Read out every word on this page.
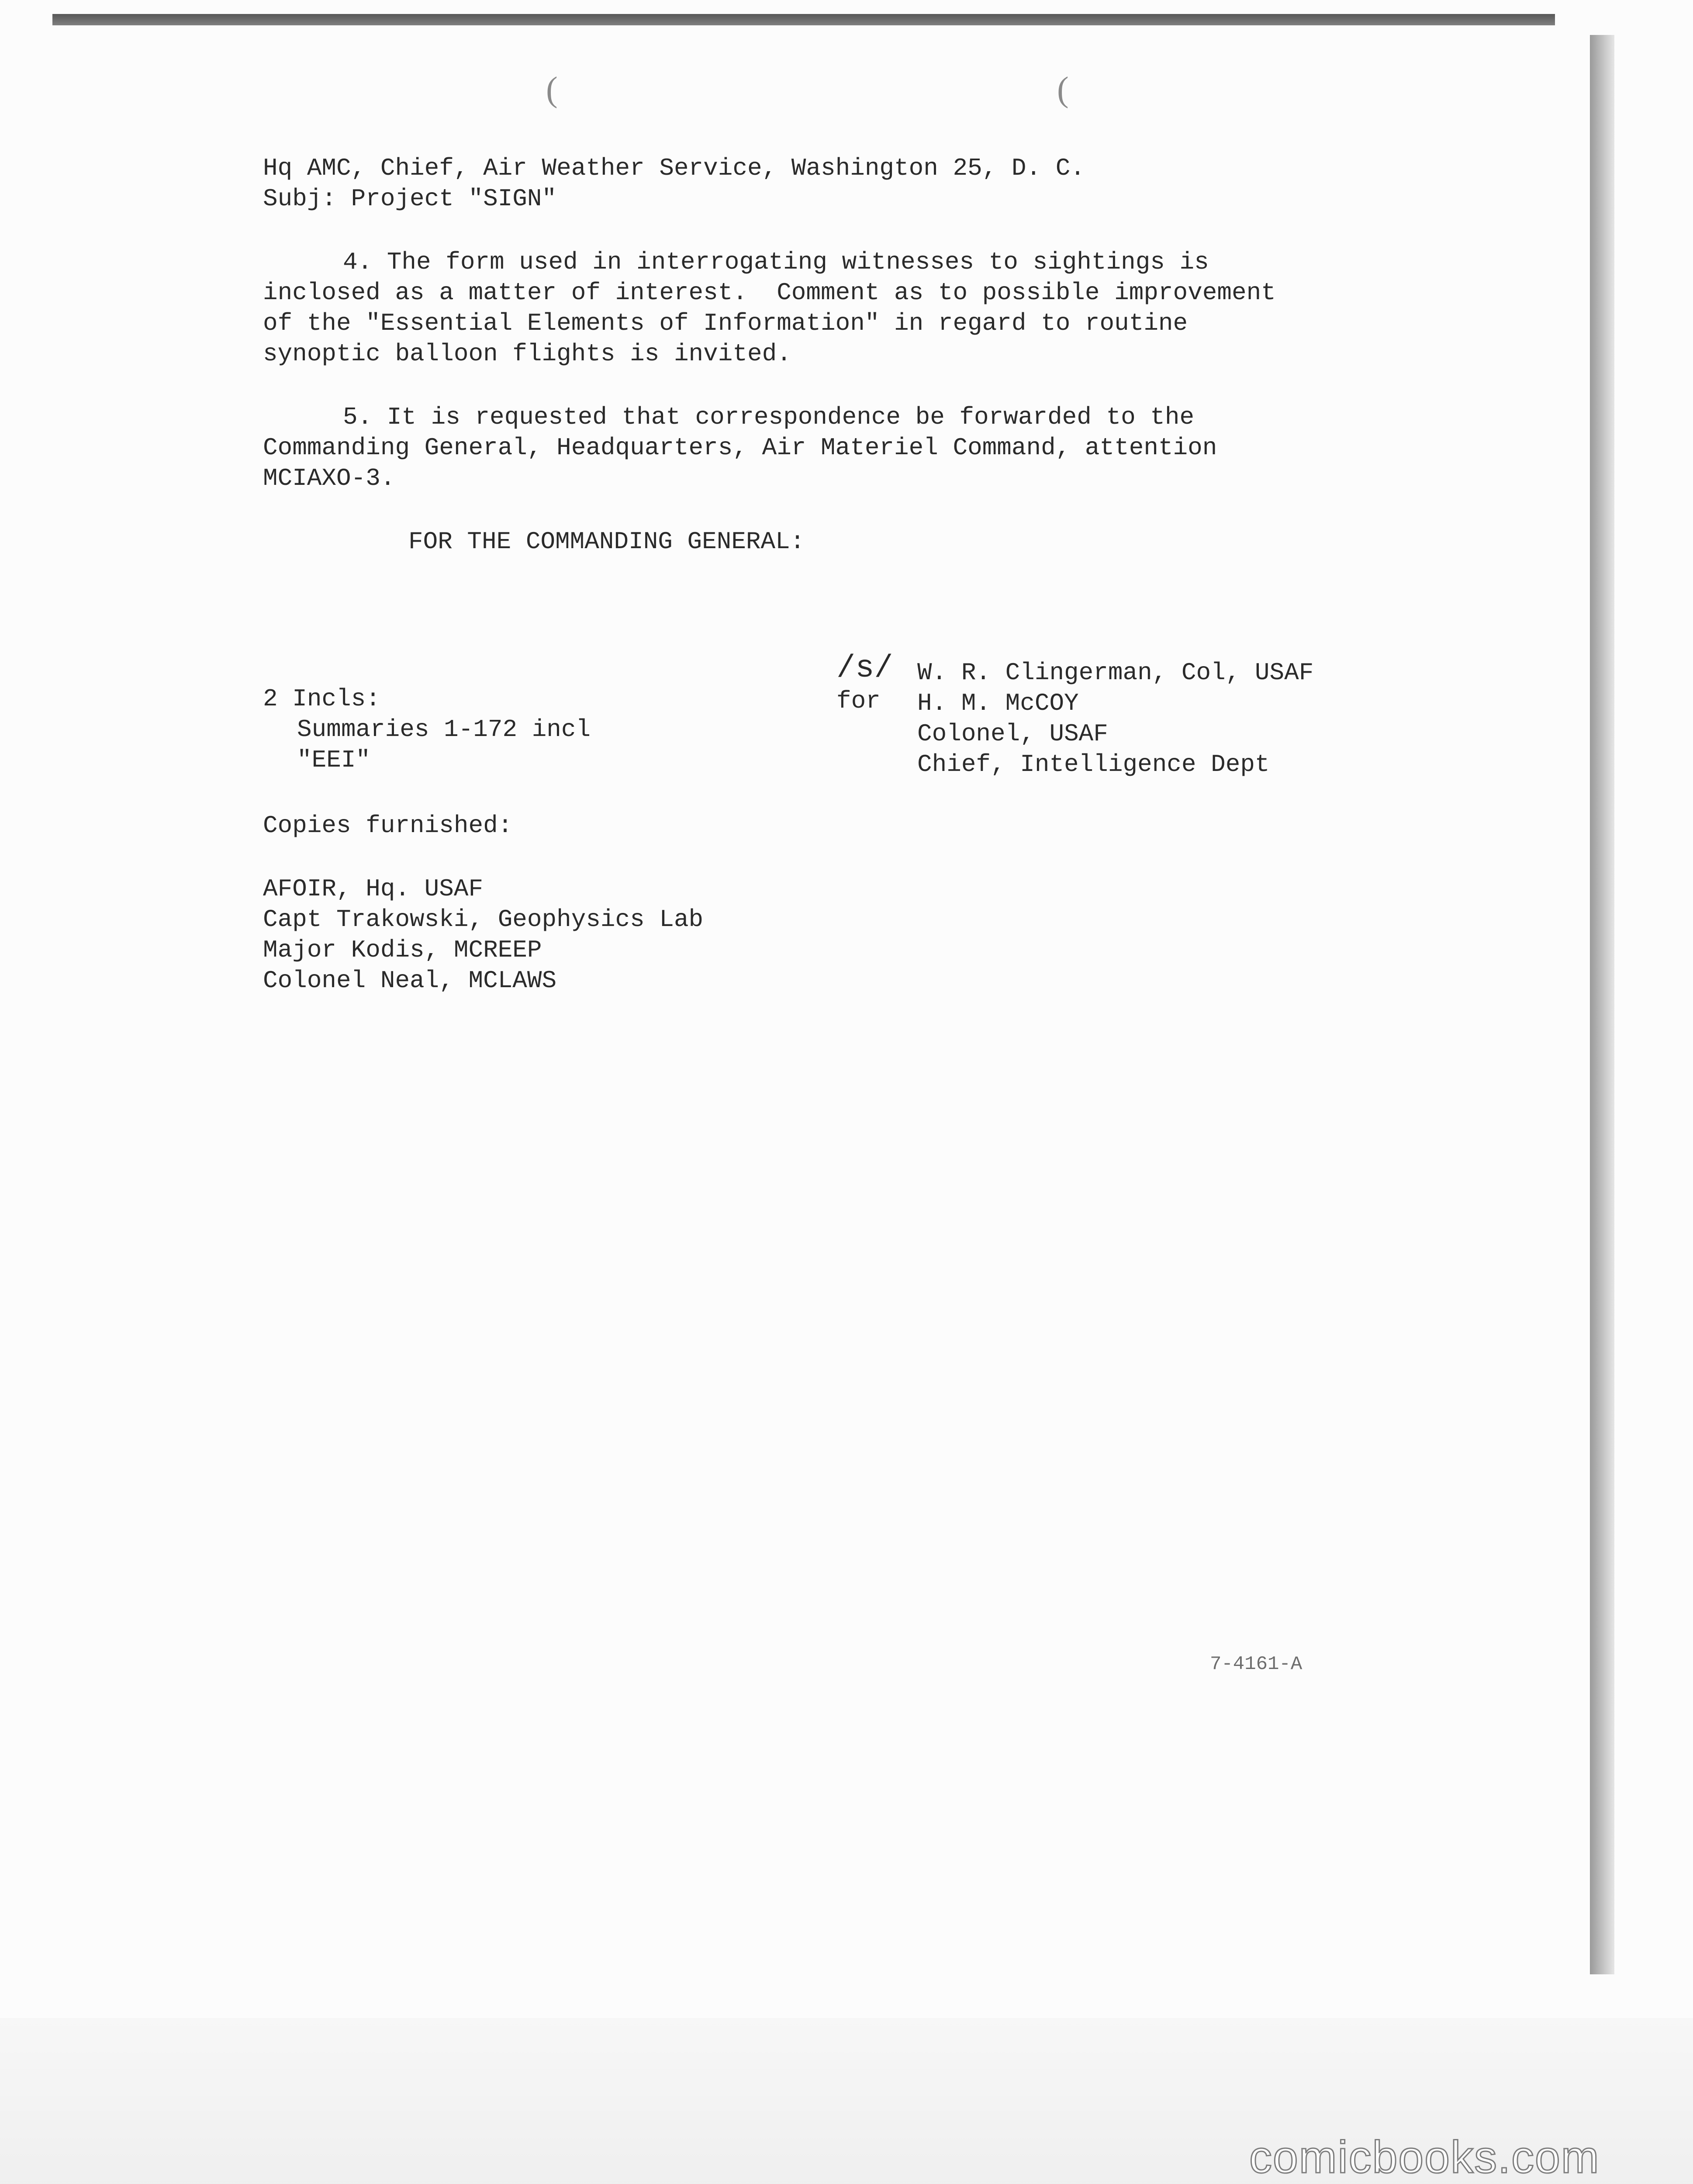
(	(
Hq AMC, Chief, Air Weather Service, Washington 25, D. C.
Subj: Project "SIGN"
4. The form used in interrogating witnesses to sightings is
inclosed as a matter of interest.  Comment as to possible improvement
of the "Essential Elements of Information" in regard to routine
synoptic balloon flights is invited.
5. It is requested that correspondence be forwarded to the
Commanding General, Headquarters, Air Materiel Command, attention
MCIAXO-3.
FOR THE COMMANDING GENERAL:
/s/
for
W. R. Clingerman, Col, USAF
H. M. McCOY
Colonel, USAF
Chief, Intelligence Dept
2 Incls:
Summaries 1-172 incl
"EEI"
Copies furnished:
AFOIR, Hq. USAF
Capt Trakowski, Geophysics Lab
Major Kodis, MCREEP
Colonel Neal, MCLAWS
7-4161-A
comicbooks.com
